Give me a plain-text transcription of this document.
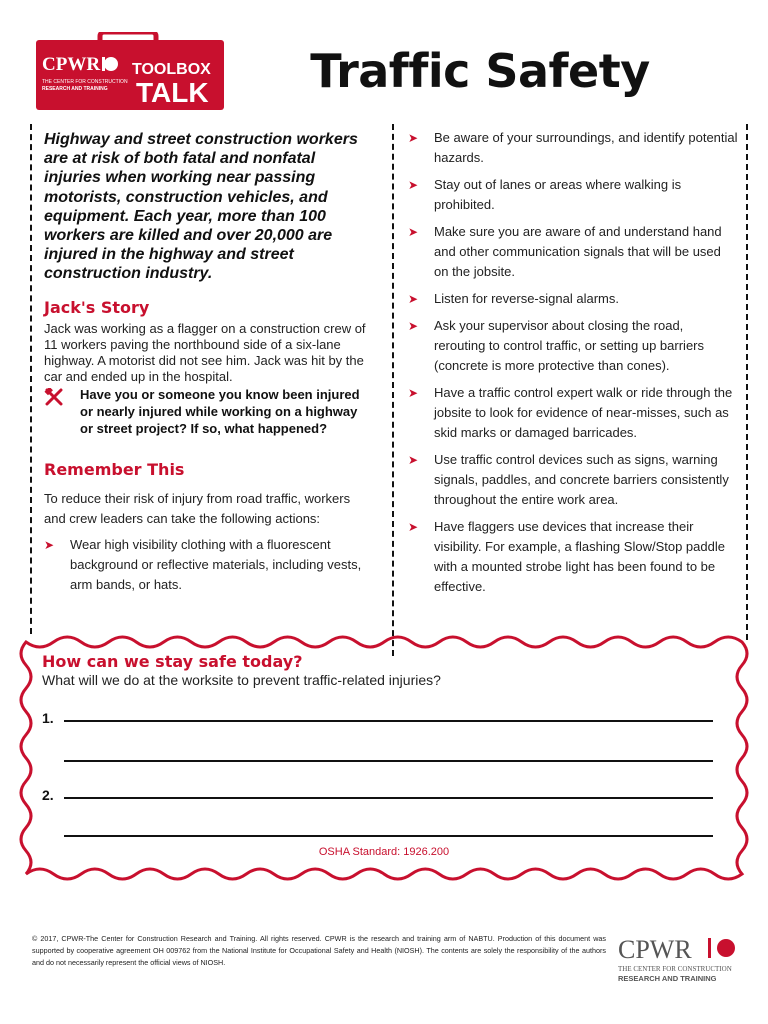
CPWR
THE CENTER FOR CONSTRUCTION
RESEARCH AND TRAINING
TOOLBOX
TALK Traffic Safety

Highway and street construction workers are at risk of both fatal and nonfatal injuries when working near passing motorists, construction vehicles, and equipment. Each year, more than 100 workers are killed and over 20,000 are injured in the highway and street construction industry.

Jack's Story

Jack was working as a flagger on a construction crew of 11 workers paving the northbound side of a six-lane highway. A motorist did not see him. Jack was hit by the car and ended up in the hospital.

Have you or someone you know been injured or nearly injured while working on a highway or street project? If so, what happened?
Remember This

To reduce their risk of injury from road traffic, workers and crew leaders can take the following actions:

➤	Wear high visibility clothing with a fluorescent background or reflective materials, including vests, arm bands, or hats.
➤	Be aware of your surroundings, and identify potential hazards.
➤	Stay out of lanes or areas where walking is prohibited.
➤	Make sure you are aware of and understand hand and other communication signals that will be used on the jobsite.
➤	Listen for reverse-signal alarms.
➤	Ask your supervisor about closing the road, rerouting to control traffic, or setting up barriers (concrete is more protective than cones).
➤	Have a traffic control expert walk or ride through the jobsite to look for evidence of near-misses, such as skid marks or damaged barricades.
➤	Use traffic control devices such as signs, warning signals, paddles, and concrete barriers consistently throughout the entire work area.
➤	Have flaggers use devices that increase their visibility. For example, a flashing Slow/Stop paddle with a mounted strobe light has been found to be effective.
How can we stay safe today?
What will we do at the worksite to prevent traffic-related injuries?
1.
2.
OSHA Standard: 1926.200
© 2017, CPWR-The Center for Construction Research and Training. All rights reserved. CPWR is the research and training arm of NABTU. Production of this document was supported by cooperative agreement OH 009762 from the National Institute for Occupational Safety and Health (NIOSH). The contents are solely the responsibility of the authors and do not necessarily represent the official views of NIOSH.	CPWR
THE CENTER FOR CONSTRUCTION
RESEARCH AND TRAINING
